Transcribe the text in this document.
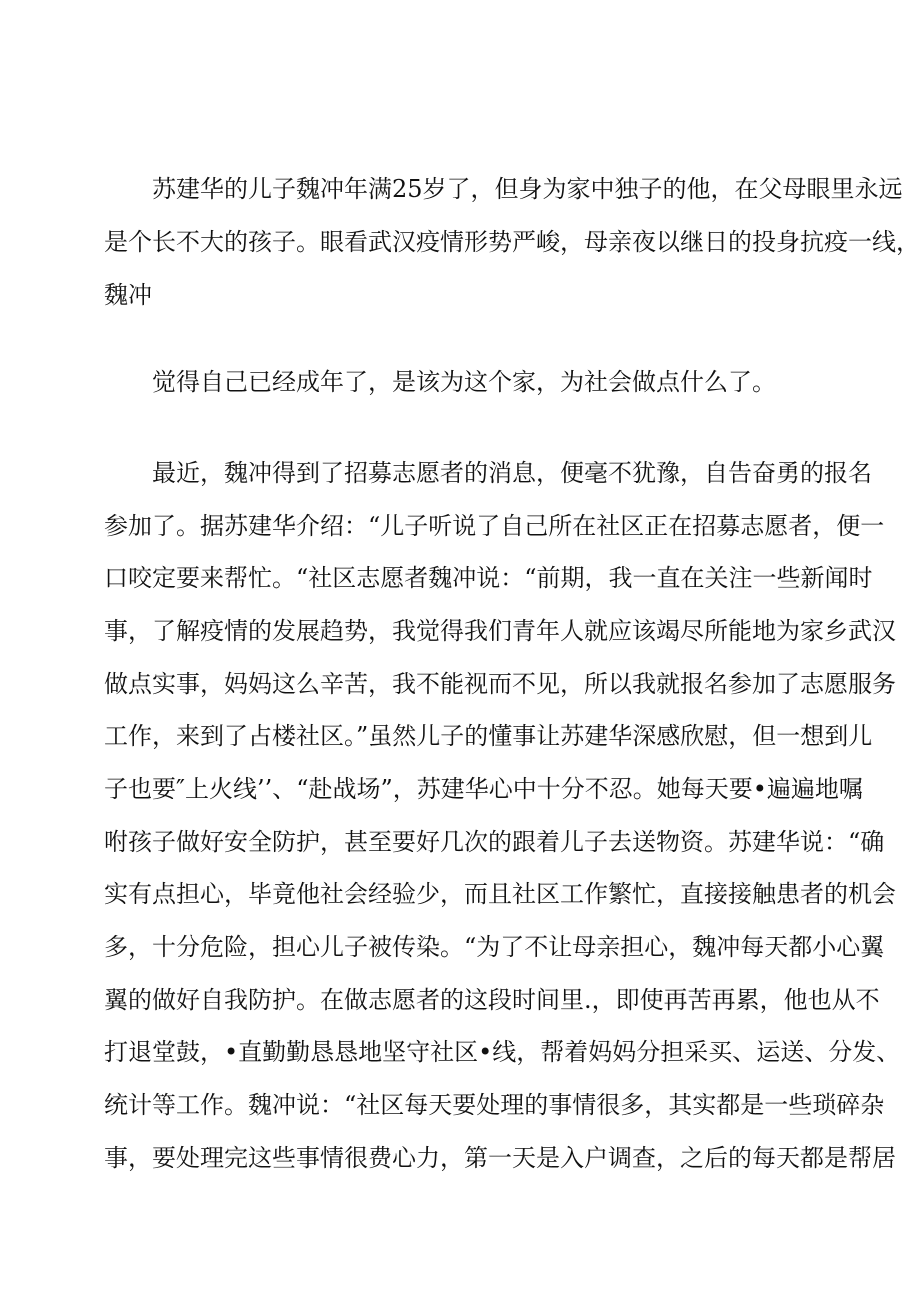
苏建华的儿子魏冲年满25岁了，但身为家中独子的他，在父母眼里永远
是个长不大的孩子。眼看武汉疫情形势严峻，母亲夜以继日的投身抗疫一线，
魏冲
觉得自己已经成年了，是该为这个家，为社会做点什么了。
最近，魏冲得到了招募志愿者的消息，便毫不犹豫，自告奋勇的报名
参加了。据苏建华介绍：“儿子听说了自己所在社区正在招募志愿者，便一
口咬定要来帮忙。“社区志愿者魏冲说：“前期，我一直在关注一些新闻时
事，了解疫情的发展趋势，我觉得我们青年人就应该竭尽所能地为家乡武汉
做点实事，妈妈这么辛苦，我不能视而不见，所以我就报名参加了志愿服务
工作，来到了占楼社区。”虽然儿子的懂事让苏建华深感欣慰，但一想到儿
子也要″上火线’’、“赴战场”，苏建华心中十分不忍。她每天要•遍遍地嘱
咐孩子做好安全防护，甚至要好几次的跟着儿子去送物资。苏建华说：“确
实有点担心，毕竟他社会经验少，而且社区工作繁忙，直接接触患者的机会
多，十分危险，担心儿子被传染。“为了不让母亲担心，魏冲每天都小心翼
翼的做好自我防护。在做志愿者的这段时间里.，即使再苦再累，他也从不
打退堂鼓，•直勤勤恳恳地坚守社区•线，帮着妈妈分担采买、运送、分发、
统计等工作。魏冲说：“社区每天要处理的事情很多，其实都是一些琐碎杂
事，要处理完这些事情很费心力，第一天是入户调查，之后的每天都是帮居
